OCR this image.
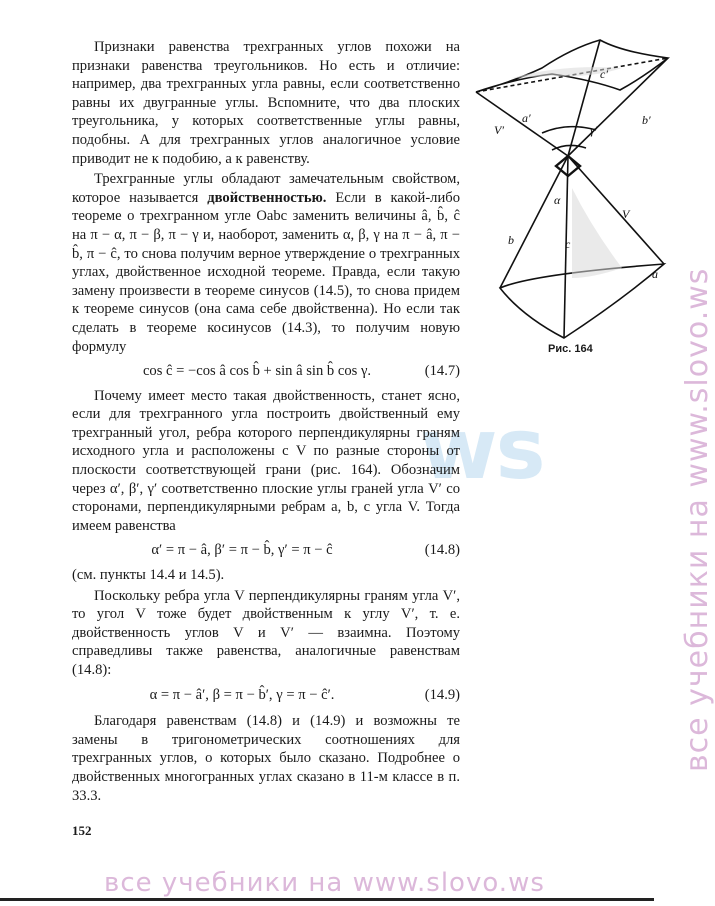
ws

Признаки равенства трехгранных углов похожи на признаки равенства треугольников. Но есть и отличие: например, два трехгранных угла равны, если соответственно равны их двугранные углы. Вспомните, что два плоских треугольника, у которых соответственные углы равны, подобны. А для трехгранных углов аналогичное условие приводит не к подобию, а к равенству.

Трехгранные углы обладают замечательным свойством, которое называется двойственностью. Если в какой-либо теореме о трехгранном угле Oabc заменить величины â, b̂, ĉ на π − α, π − β, π − γ и, наоборот, заменить α, β, γ на π − â, π − b̂, π − ĉ, то снова получим верное утверждение о трехгранных углах, двойственное исходной теореме. Правда, если такую замену произвести в теореме синусов (14.5), то снова придем к теореме синусов (она сама себе двойственна). Но если так сделать в теореме косинусов (14.3), то получим новую формулу

cos ĉ = −cos â cos b̂ + sin â sin b̂ cos γ.	(14.7)

Почему имеет место такая двойственность, станет ясно, если для трехгранного угла построить двойственный ему трехгранный угол, ребра которого перпендикулярны граням исходного угла и расположены с V по разные стороны от плоскости соответствующей грани (рис. 164). Обозначим через α′, β′, γ′ соответственно плоские углы граней угла V′ со сторонами, перпендикулярными ребрам a, b, c угла V. Тогда имеем равенства

α′ = π − â, β′ = π − b̂, γ′ = π − ĉ	(14.8)

(см. пункты 14.4 и 14.5).

Поскольку ребра угла V перпендикулярны граням угла V′, то угол V тоже будет двойственным к углу V′, т. е. двойственность углов V и V′ — взаимна. Поэтому справедливы также равенства, аналогичные равенствам (14.8):

α = π − â′, β = π − b̂′, γ = π − ĉ′.	(14.9)

Благодаря равенствам (14.8) и (14.9) и возможны те замены в тригонометрических соотношениях для трехгранных углов, о которых было сказано. Подробнее о двойственных многогранных углах сказано в 11-м классе в п. 33.3.

c′
a′	b′
γ′
V′
α
c
V
b
a
Рис. 164
152
все учебники на www.slovo.ws
все учебники на www.slovo.ws
